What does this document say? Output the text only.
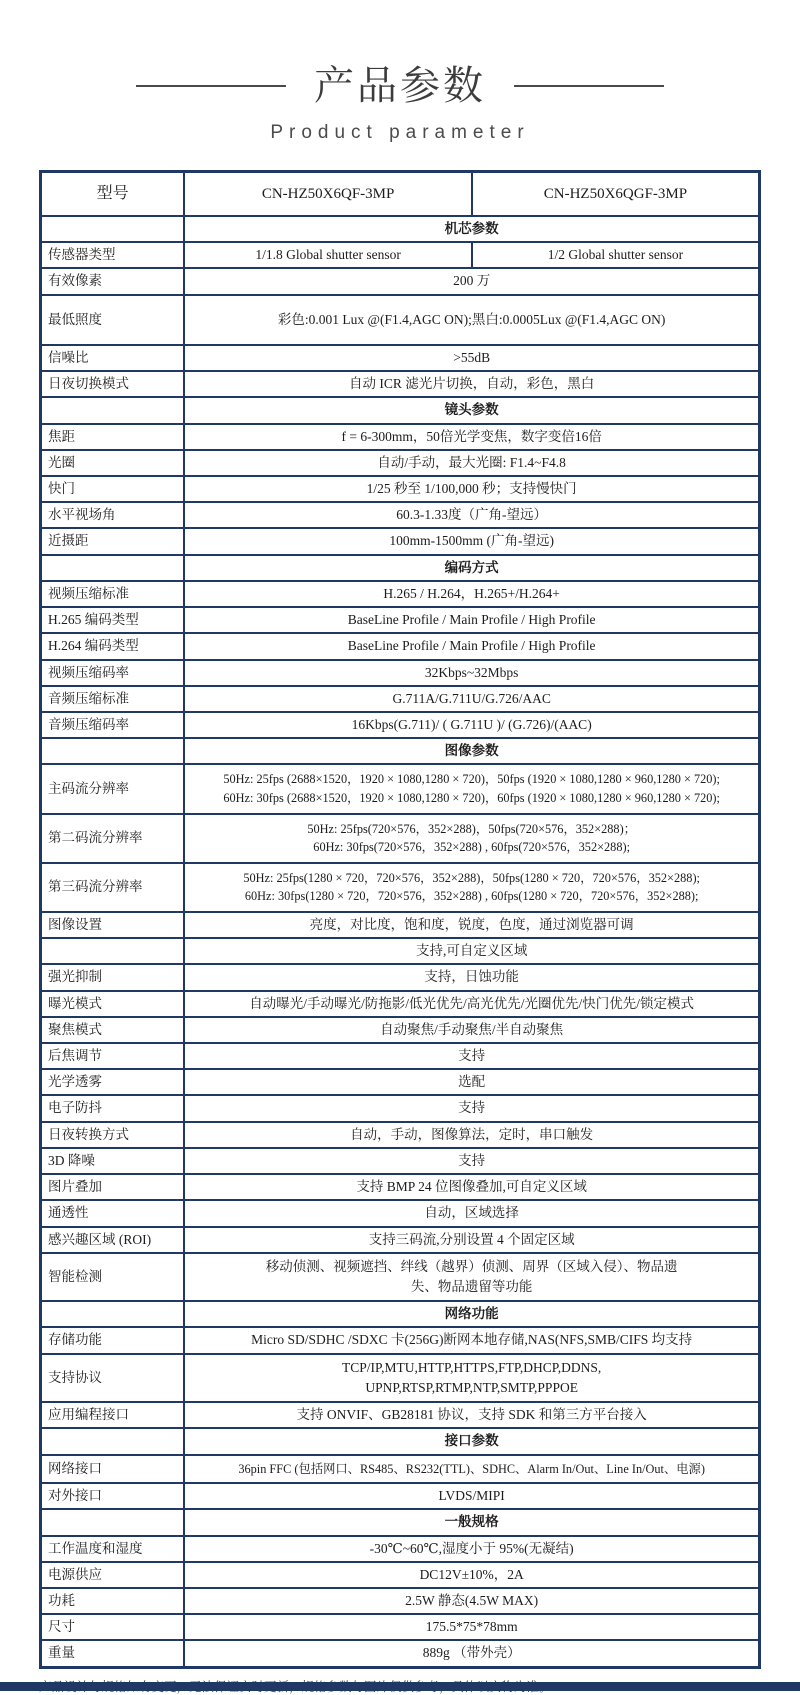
产品参数
Product parameter
型号	CN-HZ50X6QF-3MP	CN-HZ50X6QGF-3MP
	机芯参数	
传感器类型	1/1.8 Global shutter sensor	1/2 Global shutter sensor
有效像素	200 万	
最低照度	彩色:0.001 Lux @(F1.4,AGC ON);黑白:0.0005Lux @(F1.4,AGC ON)	
信噪比	>55dB	
日夜切换模式	自动 ICR 滤光片切换，自动，彩色，黑白	
	镜头参数	
焦距	f = 6-300mm，50倍光学变焦，数字变倍16倍	
光圈	自动/手动，最大光圈: F1.4~F4.8	
快门	1/25 秒至 1/100,000 秒；支持慢快门	
水平视场角	60.3-1.33度（广角-望远）	
近摄距	100mm-1500mm (广角-望远)	
	编码方式	
视频压缩标准	H.265 / H.264，H.265+/H.264+	
H.265 编码类型	BaseLine Profile / Main Profile / High Profile	
H.264 编码类型	BaseLine Profile / Main Profile / High Profile	
视频压缩码率	32Kbps~32Mbps	
音频压缩标准	G.711A/G.711U/G.726/AAC	
音频压缩码率	16Kbps(G.711)/ ( G.711U )/ (G.726)/(AAC)	
	图像参数	
主码流分辨率	50Hz: 25fps (2688×1520，1920 × 1080,1280 × 720)，50fps (1920 × 1080,1280 × 960,1280 × 720);
60Hz: 30fps (2688×1520，1920 × 1080,1280 × 720)，60fps (1920 × 1080,1280 × 960,1280 × 720);	

第二码流分辨率	50Hz: 25fps(720×576，352×288)，50fps(720×576，352×288)；
60Hz: 30fps(720×576，352×288) , 60fps(720×576，352×288);	

第三码流分辨率	50Hz: 25fps(1280 × 720，720×576，352×288)，50fps(1280 × 720，720×576，352×288);
60Hz: 30fps(1280 × 720，720×576，352×288) , 60fps(1280 × 720，720×576，352×288);	

图像设置	亮度，对比度，饱和度，锐度，色度，通过浏览器可调	
	支持,可自定义区域	
强光抑制	支持，日蚀功能	
曝光模式	自动曝光/手动曝光/防拖影/低光优先/高光优先/光圈优先/快门优先/锁定模式	
聚焦模式	自动聚焦/手动聚焦/半自动聚焦	
后焦调节	支持	
光学透雾	选配	
电子防抖	支持	
日夜转换方式	自动，手动，图像算法，定时，串口触发	
3D 降噪	支持	
图片叠加	支持 BMP 24 位图像叠加,可自定义区域	
通透性	自动，区域选择	
感兴趣区域 (ROI)	支持三码流,分别设置 4 个固定区域	
智能检测	移动侦测、视频遮挡、绊线（越界）侦测、周界（区域入侵）、物品遗
失、物品遗留等功能	

	网络功能	
存储功能	Micro SD/SDHC /SDXC 卡(256G)断网本地存储,NAS(NFS,SMB/CIFS 均支持	
支持协议	TCP/IP,MTU,HTTP,HTTPS,FTP,DHCP,DDNS,
UPNP,RTSP,RTMP,NTP,SMTP,PPPOE	

应用编程接口	支持 ONVIF、GB28181 协议，支持 SDK 和第三方平台接入	
	接口参数	
网络接口	36pin FFC (包括网口、RS485、RS232(TTL)、SDHC、Alarm In/Out、Line In/Out、电源)	
对外接口	LVDS/MIPI	
	一般规格	
工作温度和湿度	-30℃~60℃,湿度小于 95%(无凝结)	
电源供应	DC12V±10%，2A	
功耗	2.5W 静态(4.5W MAX)	
尺寸	175.5*75*78mm	
重量	889g （带外壳）	
